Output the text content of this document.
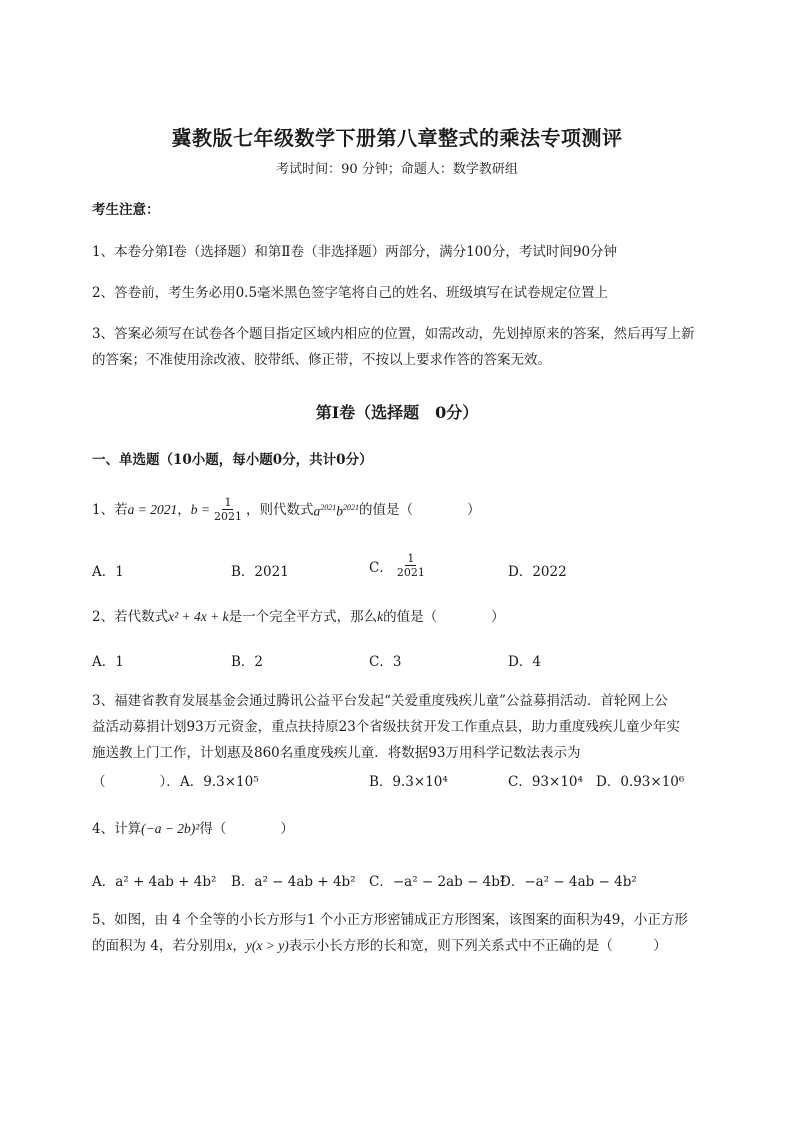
冀教版七年级数学下册第八章整式的乘法专项测评
考试时间：90 分钟；命题人：数学教研组
考生注意：
1、本卷分第Ⅰ卷（选择题）和第Ⅱ卷（非选择题）两部分，满分100分，考试时间90分钟
2、答卷前，考生务必用0.5毫米黑色签字笔将自己的姓名、班级填写在试卷规定位置上
3、答案必须写在试卷各个题目指定区域内相应的位置，如需改动，先划掉原来的答案，然后再写上新
的答案；不准使用涂改液、胶带纸、修正带，不按以上要求作答的答案无效。
第Ⅰ卷（选择题　0分）
一、单选题（10小题，每小题0分，共计0分）
1、若 a = 2021 ， $b = \frac{1}{2021}$ ，则代数式 $a^{2021}b^{2021}$ 的值是（　　　　）
A．1	B．2021	C． $\frac{1}{2021}$	D．2022
2、若代数式x² + 4x + k是一个完全平方式，那么k的值是（　　　　）
A．1	B．2	C．3	D．4
3、福建省教育发展基金会通过腾讯公益平台发起“关爱重度残疾儿童”公益募捐活动．首轮网上公
益活动募捐计划93万元资金，重点扶持原23个省级扶贫开发工作重点县，助力重度残疾儿童少年实
施送教上门工作，计划惠及860名重度残疾儿童．将数据93万用科学记数法表示为
（　　　　）． A．9.3×10⁵	B．9.3×10⁴	C．93×10⁴ D．0.93×10⁶
4、计算(−a − 2b)²得（　　　　）
A．a² + 4ab + 4b² B．a² − 4ab + 4b² C．−a² − 2ab − 4b²
D．−a² − 4ab − 4b²
5、如图，由 4 个全等的小长方形与1 个小正方形密铺成正方形图案，该图案的面积为49，小正方形
的面积为 4，若分别用x，y(x > y)表示小长方形的长和宽，则下列关系式中不正确的是（　　　）
